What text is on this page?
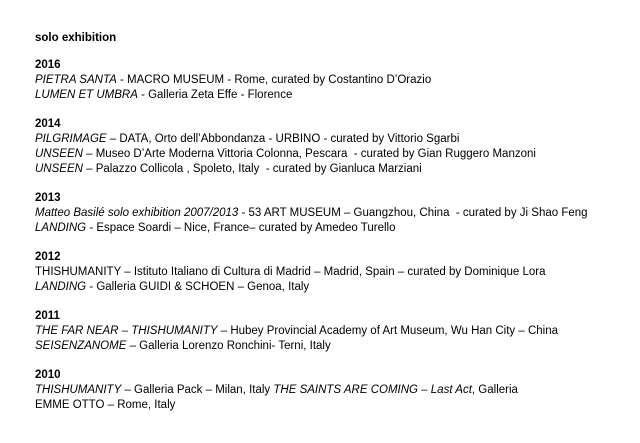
solo exhibition
2016
PIETRA SANTA - MACRO MUSEUM - Rome, curated by Costantino D’Orazio
LUMEN ET UMBRA - Galleria Zeta Effe - Florence
2014
PILGRIMAGE – DATA, Orto dell’Abbondanza - URBINO - curated by Vittorio Sgarbi
UNSEEN – Museo D’Arte Moderna Vittoria Colonna, Pescara  - curated by Gian Ruggero Manzoni
UNSEEN – Palazzo Collicola , Spoleto, Italy  - curated by Gianluca Marziani
2013
Matteo Basilé solo exhibition 2007/2013 - 53 ART MUSEUM – Guangzhou, China  - curated by Ji Shao Feng
LANDING - Espace Soardi – Nice, France– curated by Amedeo Turello
2012
THISHUMANITY – Istituto Italiano di Cultura di Madrid – Madrid, Spain – curated by Dominique Lora
LANDING - Galleria GUIDI & SCHOEN – Genoa, Italy
2011
THE FAR NEAR – THISHUMANITY – Hubey Provincial Academy of Art Museum, Wu Han City – China
SEISENZANOME – Galleria Lorenzo Ronchini- Terni, Italy
2010
THISHUMANITY – Galleria Pack – Milan, Italy THE SAINTS ARE COMING – Last Act, Galleria
EMME OTTO – Rome, Italy
